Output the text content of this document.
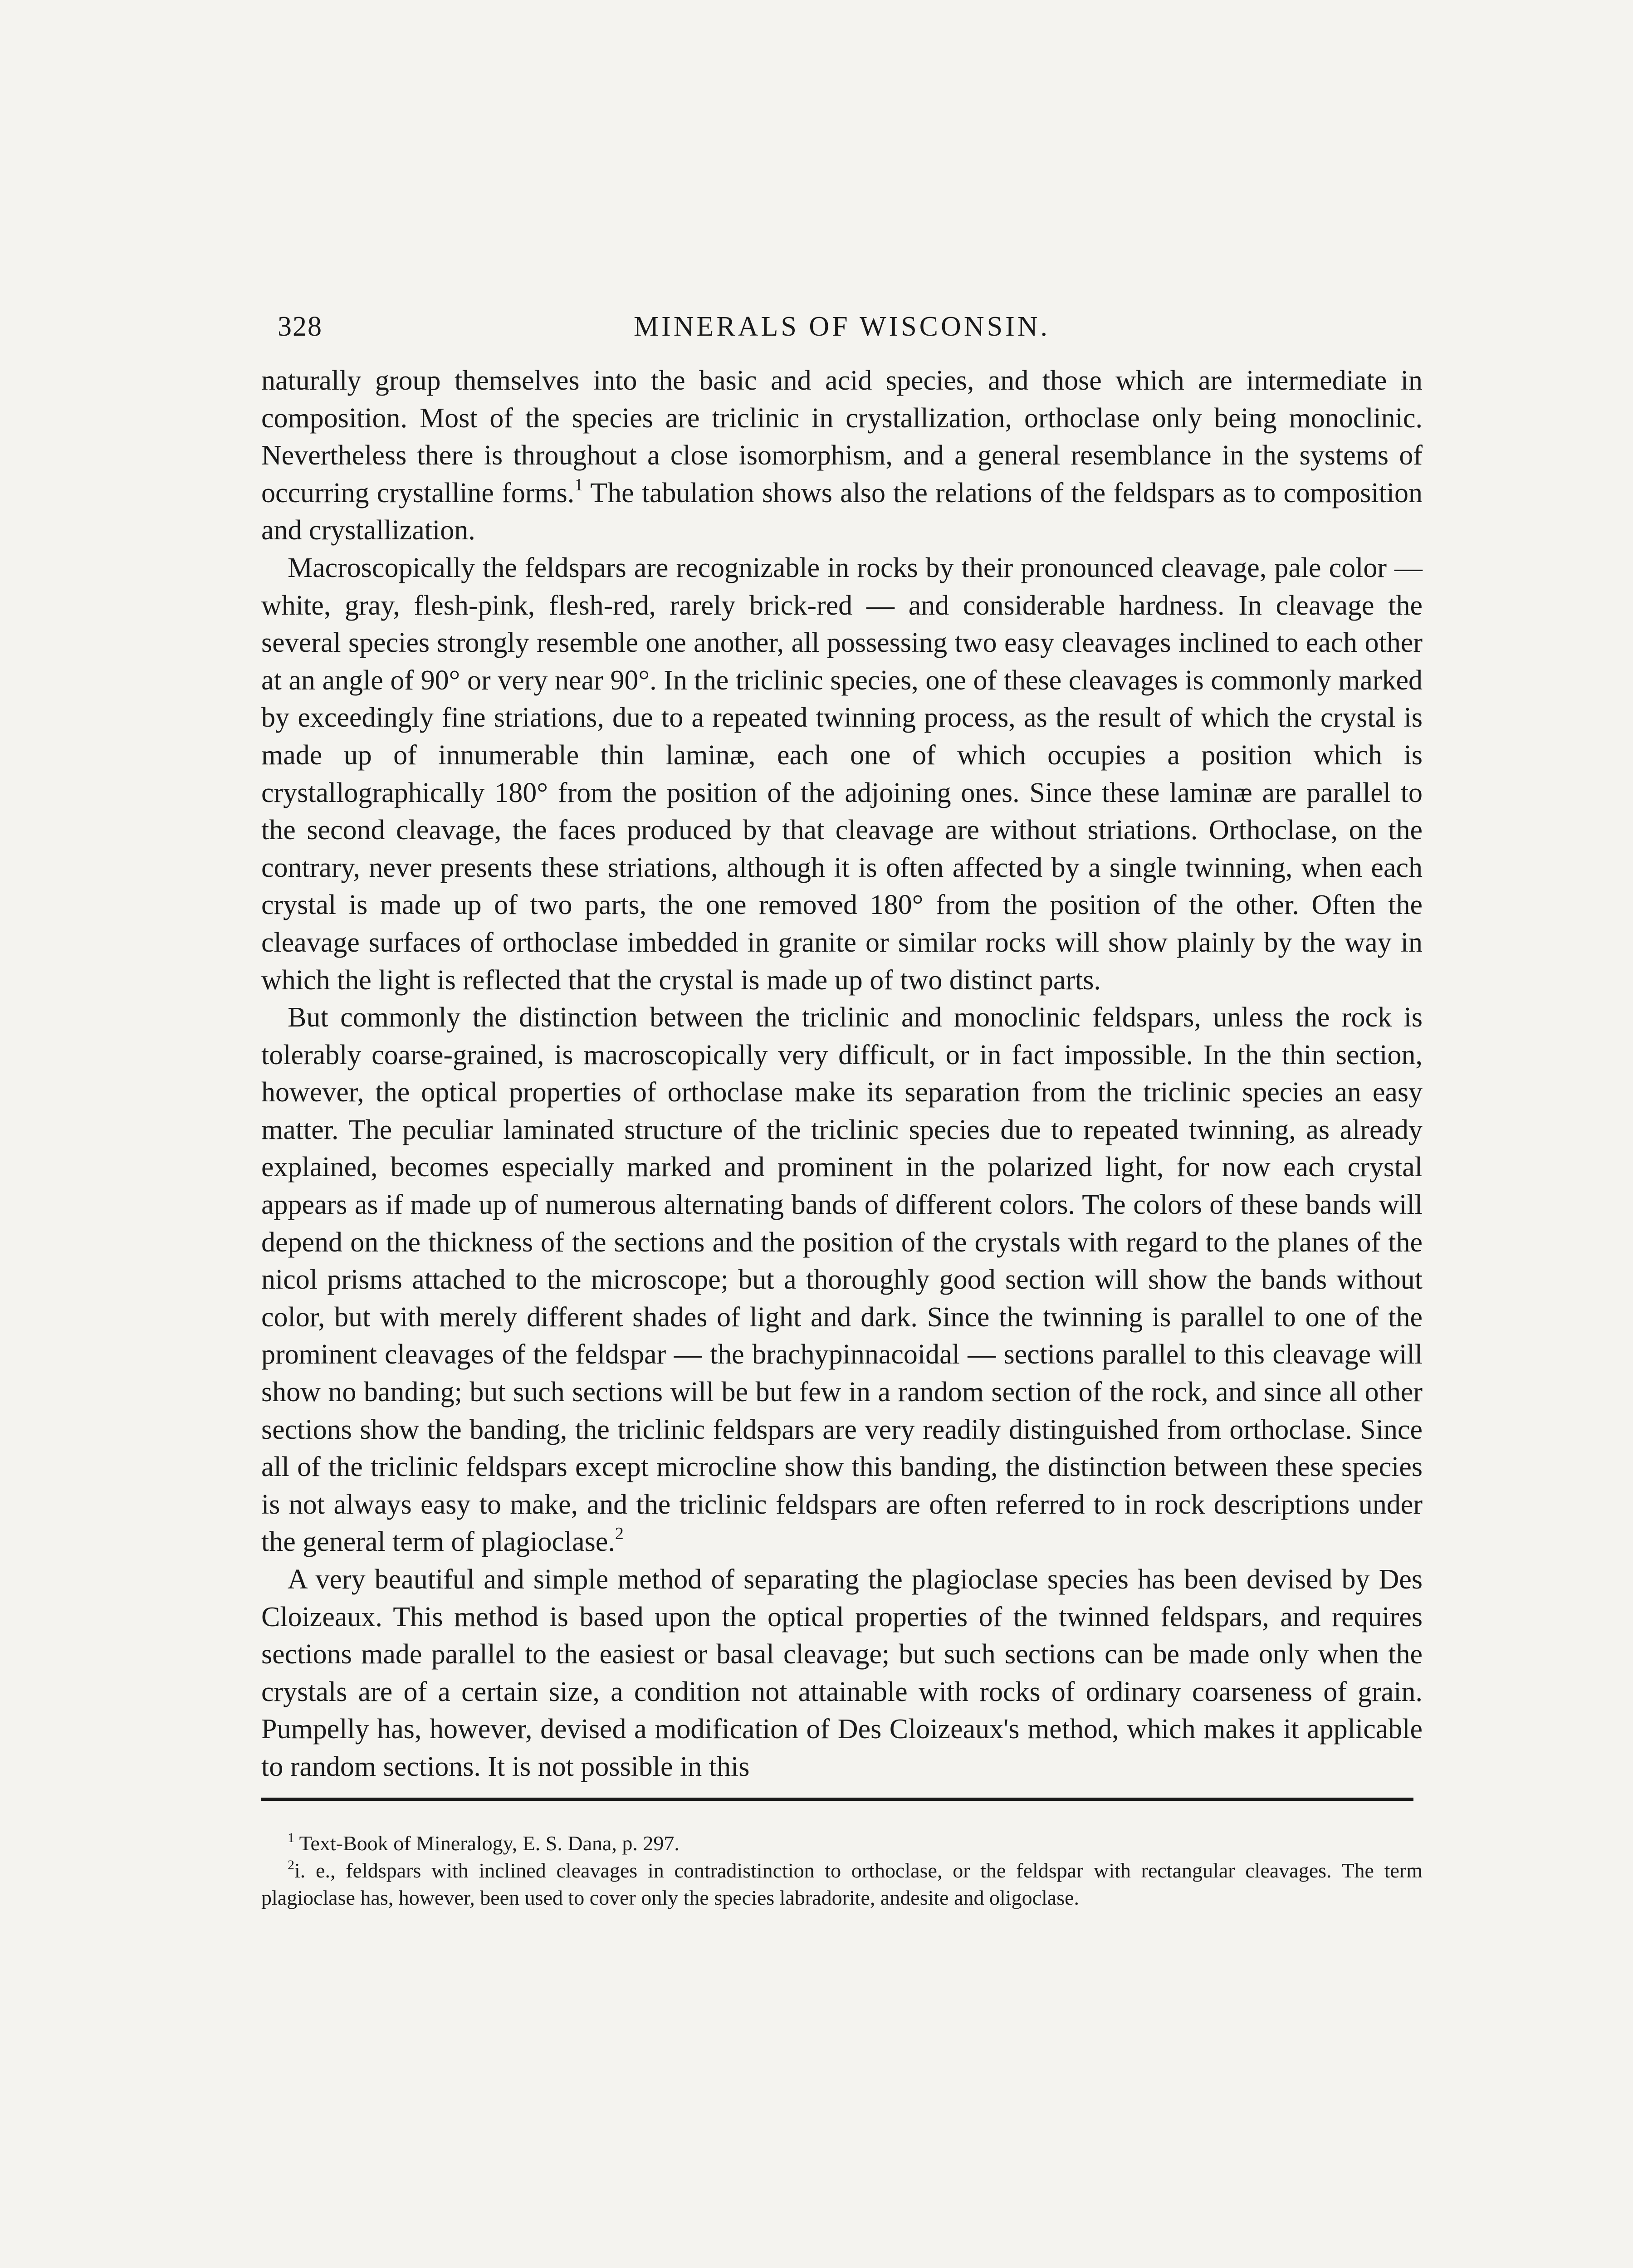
328	MINERALS OF WISCONSIN.

naturally group themselves into the basic and acid species, and those which are intermediate in composition. Most of the species are triclinic in crystallization, orthoclase only being monoclinic. Nevertheless there is throughout a close isomorphism, and a general resemblance in the systems of occurring crystalline forms.$^1$ The tabulation shows also the relations of the feldspars as to composition and crystallization.

Macroscopically the feldspars are recognizable in rocks by their pronounced cleavage, pale color — white, gray, flesh-pink, flesh-red, rarely brick-red — and considerable hardness. In cleavage the several species strongly resemble one another, all possessing two easy cleavages inclined to each other at an angle of 90° or very near 90°. In the triclinic species, one of these cleavages is commonly marked by exceedingly fine striations, due to a repeated twinning process, as the result of which the crystal is made up of innumerable thin laminæ, each one of which occupies a position which is crystallographically 180° from the position of the adjoining ones. Since these laminæ are parallel to the second cleavage, the faces produced by that cleavage are without striations. Orthoclase, on the contrary, never presents these striations, although it is often affected by a single twinning, when each crystal is made up of two parts, the one removed 180° from the position of the other. Often the cleavage surfaces of orthoclase imbedded in granite or similar rocks will show plainly by the way in which the light is reflected that the crystal is made up of two distinct parts.

But commonly the distinction between the triclinic and monoclinic feldspars, unless the rock is tolerably coarse-grained, is macroscopically very difficult, or in fact impossible. In the thin section, however, the optical properties of orthoclase make its separation from the triclinic species an easy matter. The peculiar laminated structure of the triclinic species due to repeated twinning, as already explained, becomes especially marked and prominent in the polarized light, for now each crystal appears as if made up of numerous alternating bands of different colors. The colors of these bands will depend on the thickness of the sections and the position of the crystals with regard to the planes of the nicol prisms attached to the microscope; but a thoroughly good section will show the bands without color, but with merely different shades of light and dark. Since the twinning is parallel to one of the prominent cleavages of the feldspar — the brachypinnacoidal — sections parallel to this cleavage will show no banding; but such sections will be but few in a random section of the rock, and since all other sections show the banding, the triclinic feldspars are very readily distinguished from orthoclase. Since all of the triclinic feldspars except microcline show this banding, the distinction between these species is not always easy to make, and the triclinic feldspars are often referred to in rock descriptions under the general term of plagioclase.$^2$

A very beautiful and simple method of separating the plagioclase species has been devised by Des Cloizeaux. This method is based upon the optical properties of the twinned feldspars, and requires sections made parallel to the easiest or basal cleavage; but such sections can be made only when the crystals are of a certain size, a condition not attainable with rocks of ordinary coarseness of grain. Pumpelly has, however, devised a modification of Des Cloizeaux's method, which makes it applicable to random sections. It is not possible in this

$^1$ Text-Book of Mineralogy, E. S. Dana, p. 297.

$^2$i. e., feldspars with inclined cleavages in contradistinction to orthoclase, or the feldspar with rectangular cleavages. The term plagioclase has, however, been used to cover only the species labradorite, andesite and oligoclase.
